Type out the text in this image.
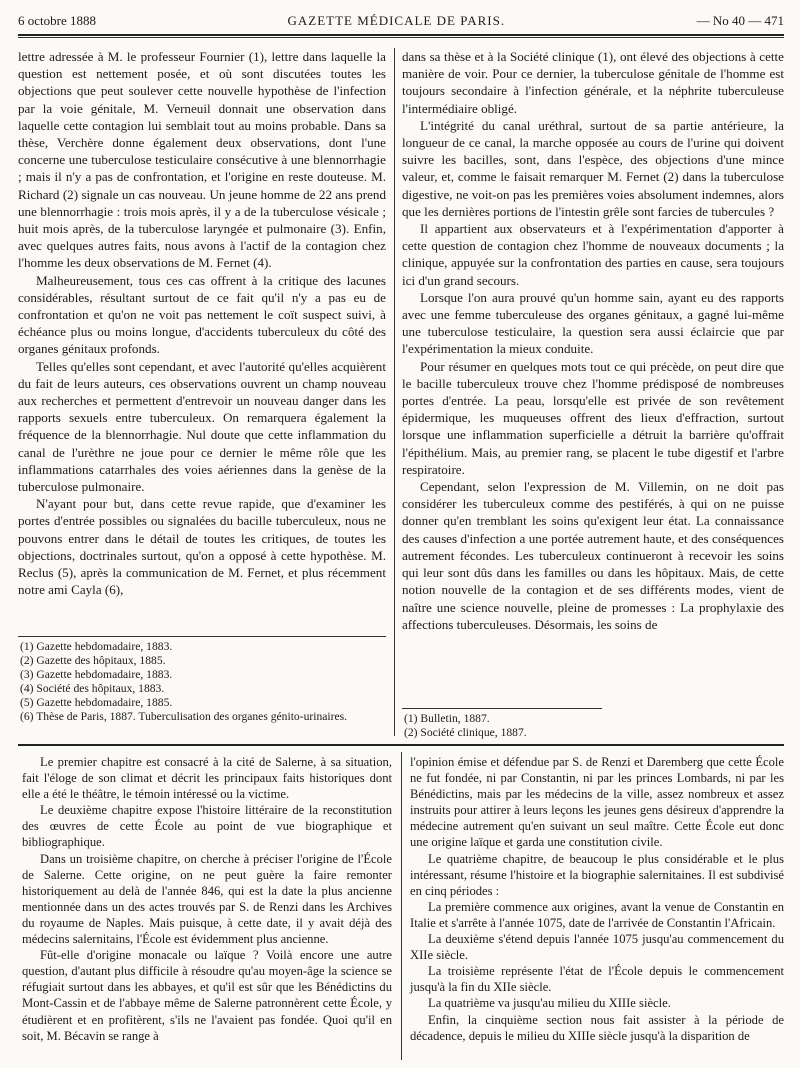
6 octobre 1888	GAZETTE MÉDICALE DE PARIS.	— No 40 — 471

lettre adressée à M. le professeur Fournier (1), lettre dans laquelle la question est nettement posée, et où sont discutées toutes les objections que peut soulever cette nouvelle hypothèse de l'infection par la voie génitale, M. Verneuil donnait une observation dans laquelle cette contagion lui semblait tout au moins probable. Dans sa thèse, Verchère donne également deux observations, dont l'une concerne une tuberculose testiculaire consécutive à une blennorrhagie ; mais il n'y a pas de confrontation, et l'origine en reste douteuse. M. Richard (2) signale un cas nouveau. Un jeune homme de 22 ans prend une blennorrhagie : trois mois après, il y a de la tuberculose vésicale ; huit mois après, de la tuberculose laryngée et pulmonaire (3). Enfin, avec quelques autres faits, nous avons à l'actif de la contagion chez l'homme les deux observations de M. Fernet (4).

Malheureusement, tous ces cas offrent à la critique des lacunes considérables, résultant surtout de ce fait qu'il n'y a pas eu de confrontation et qu'on ne voit pas nettement le coït suspect suivi, à échéance plus ou moins longue, d'accidents tuberculeux du côté des organes génitaux profonds.

Telles qu'elles sont cependant, et avec l'autorité qu'elles acquièrent du fait de leurs auteurs, ces observations ouvrent un champ nouveau aux recherches et permettent d'entrevoir un nouveau danger dans les rapports sexuels entre tuberculeux. On remarquera également la fréquence de la blennorrhagie. Nul doute que cette inflammation du canal de l'urèthre ne joue pour ce dernier le même rôle que les inflammations catarrhales des voies aériennes dans la genèse de la tuberculose pulmonaire.

N'ayant pour but, dans cette revue rapide, que d'examiner les portes d'entrée possibles ou signalées du bacille tuberculeux, nous ne pouvons entrer dans le détail de toutes les critiques, de toutes les objections, doctrinales surtout, qu'on a opposé à cette hypothèse. M. Reclus (5), après la communication de M. Fernet, et plus récemment notre ami Cayla (6),

(1) Gazette hebdomadaire, 1883.
(2) Gazette des hôpitaux, 1885.
(3) Gazette hebdomadaire, 1883.
(4) Société des hôpitaux, 1883.
(5) Gazette hebdomadaire, 1885.
(6) Thèse de Paris, 1887. Tuberculisation des organes génito-urinaires.

dans sa thèse et à la Société clinique (1), ont élevé des objections à cette manière de voir. Pour ce dernier, la tuberculose génitale de l'homme est toujours secondaire à l'infection générale, et la néphrite tuberculeuse l'intermédiaire obligé.

L'intégrité du canal uréthral, surtout de sa partie antérieure, la longueur de ce canal, la marche opposée au cours de l'urine qui doivent suivre les bacilles, sont, dans l'espèce, des objections d'une mince valeur, et, comme le faisait remarquer M. Fernet (2) dans la tuberculose digestive, ne voit-on pas les premières voies absolument indemnes, alors que les dernières portions de l'intestin grêle sont farcies de tubercules ?

Il appartient aux observateurs et à l'expérimentation d'apporter à cette question de contagion chez l'homme de nouveaux documents ; la clinique, appuyée sur la confrontation des parties en cause, sera toujours ici d'un grand secours.

Lorsque l'on aura prouvé qu'un homme sain, ayant eu des rapports avec une femme tuberculeuse des organes génitaux, a gagné lui-même une tuberculose testiculaire, la question sera aussi éclaircie que par l'expérimentation la mieux conduite.

Pour résumer en quelques mots tout ce qui précède, on peut dire que le bacille tuberculeux trouve chez l'homme prédisposé de nombreuses portes d'entrée. La peau, lorsqu'elle est privée de son revêtement épidermique, les muqueuses offrent des lieux d'effraction, surtout lorsque une inflammation superficielle a détruit la barrière qu'offrait l'épithélium. Mais, au premier rang, se placent le tube digestif et l'arbre respiratoire.

Cependant, selon l'expression de M. Villemin, on ne doit pas considérer les tuberculeux comme des pestiférés, à qui on ne puisse donner qu'en tremblant les soins qu'exigent leur état. La connaissance des causes d'infection a une portée autrement haute, et des conséquences autrement fécondes. Les tuberculeux continueront à recevoir les soins qui leur sont dûs dans les familles ou dans les hôpitaux. Mais, de cette notion nouvelle de la contagion et de ses différents modes, vient de naître une science nouvelle, pleine de promesses : La prophylaxie des affections tuberculeuses. Désormais, les soins de

(1) Bulletin, 1887.
(2) Société clinique, 1887.

Le premier chapitre est consacré à la cité de Salerne, à sa situation, fait l'éloge de son climat et décrit les principaux faits historiques dont elle a été le théâtre, le témoin intéressé ou la victime.

Le deuxième chapitre expose l'histoire littéraire de la reconstitution des œuvres de cette École au point de vue biographique et bibliographique.

Dans un troisième chapitre, on cherche à préciser l'origine de l'École de Salerne. Cette origine, on ne peut guère la faire remonter historiquement au delà de l'année 846, qui est la date la plus ancienne mentionnée dans un des actes trouvés par S. de Renzi dans les Archives du royaume de Naples. Mais puisque, à cette date, il y avait déjà des médecins salernitains, l'École est évidemment plus ancienne.

Fût-elle d'origine monacale ou laïque ? Voilà encore une autre question, d'autant plus difficile à résoudre qu'au moyen-âge la science se réfugiait surtout dans les abbayes, et qu'il est sûr que les Bénédictins du Mont-Cassin et de l'abbaye même de Salerne patronnèrent cette École, y étudièrent et en profitèrent, s'ils ne l'avaient pas fondée. Quoi qu'il en soit, M. Bécavin se range à

l'opinion émise et défendue par S. de Renzi et Daremberg que cette École ne fut fondée, ni par Constantin, ni par les princes Lombards, ni par les Bénédictins, mais par les médecins de la ville, assez nombreux et assez instruits pour attirer à leurs leçons les jeunes gens désireux d'apprendre la médecine autrement qu'en suivant un seul maître. Cette École eut donc une origine laïque et garda une constitution civile.

Le quatrième chapitre, de beaucoup le plus considérable et le plus intéressant, résume l'histoire et la biographie salernitaines. Il est subdivisé en cinq périodes :

La première commence aux origines, avant la venue de Constantin en Italie et s'arrête à l'année 1075, date de l'arrivée de Constantin l'Africain.

La deuxième s'étend depuis l'année 1075 jusqu'au commencement du XIIe siècle.

La troisième représente l'état de l'École depuis le commencement jusqu'à la fin du XIIe siècle.

La quatrième va jusqu'au milieu du XIIIe siècle.

Enfin, la cinquième section nous fait assister à la période de décadence, depuis le milieu du XIIIe siècle jusqu'à la disparition de
